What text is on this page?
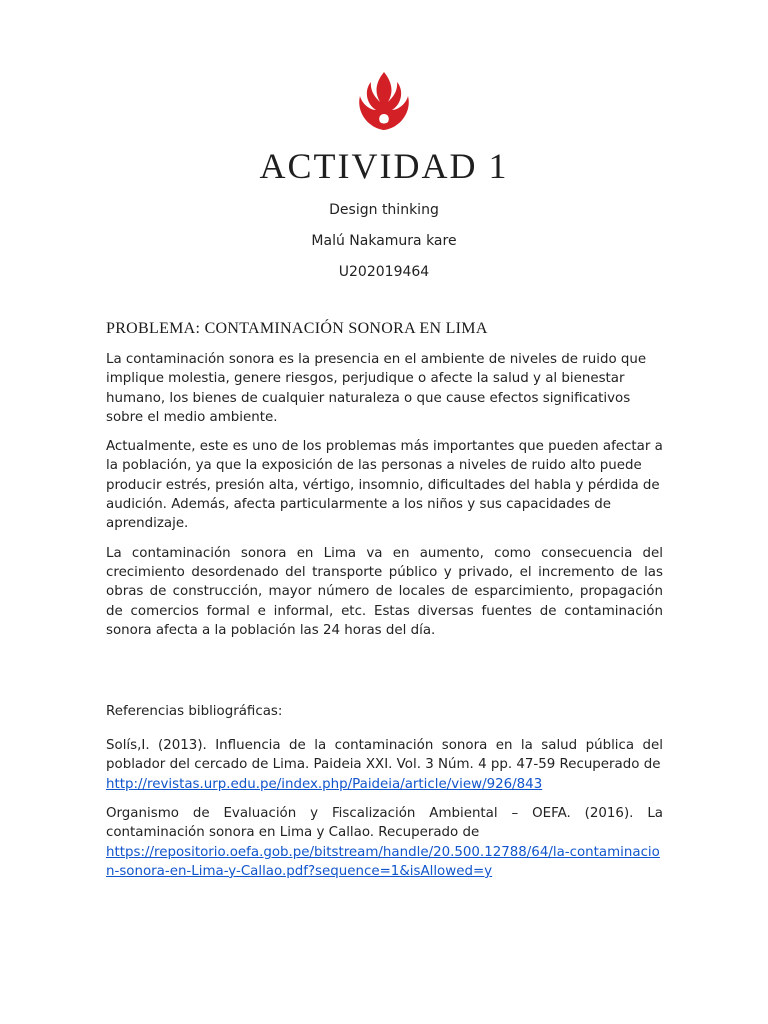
ACTIVIDAD 1
Design thinking
Malú Nakamura kare
U202019464
PROBLEMA: CONTAMINACIÓN SONORA EN LIMA

La contaminación sonora es la presencia en el ambiente de niveles de ruido que implique molestia, genere riesgos, perjudique o afecte la salud y al bienestar humano, los bienes de cualquier naturaleza o que cause efectos significativos sobre el medio ambiente.

Actualmente, este es uno de los problemas más importantes que pueden afectar a la población, ya que la exposición de las personas a niveles de ruido alto puede producir estrés, presión alta, vértigo, insomnio, dificultades del habla y pérdida de audición. Además, afecta particularmente a los niños y sus capacidades de aprendizaje.

La contaminación sonora en Lima va en aumento, como consecuencia del crecimiento desordenado del transporte público y privado, el incremento de las obras de construcción, mayor número de locales de esparcimiento, propagación de comercios formal e informal, etc. Estas diversas fuentes de contaminación sonora afecta a la población las 24 horas del día.

Referencias bibliográficas:
Solís,I. (2013). Influencia de la contaminación sonora en la salud pública del poblador del cercado de Lima. Paideia XXI. Vol. 3 Núm. 4 pp. 47-59 Recuperado de
http://revistas.urp.edu.pe/index.php/Paideia/article/view/926/843
Organismo de Evaluación y Fiscalización Ambiental – OEFA. (2016). La contaminación sonora en Lima y Callao. Recuperado de
https://repositorio.oefa.gob.pe/bitstream/handle/20.500.12788/64/la-contaminacion-sonora-en-Lima-y-Callao.pdf?sequence=1&isAllowed=y
